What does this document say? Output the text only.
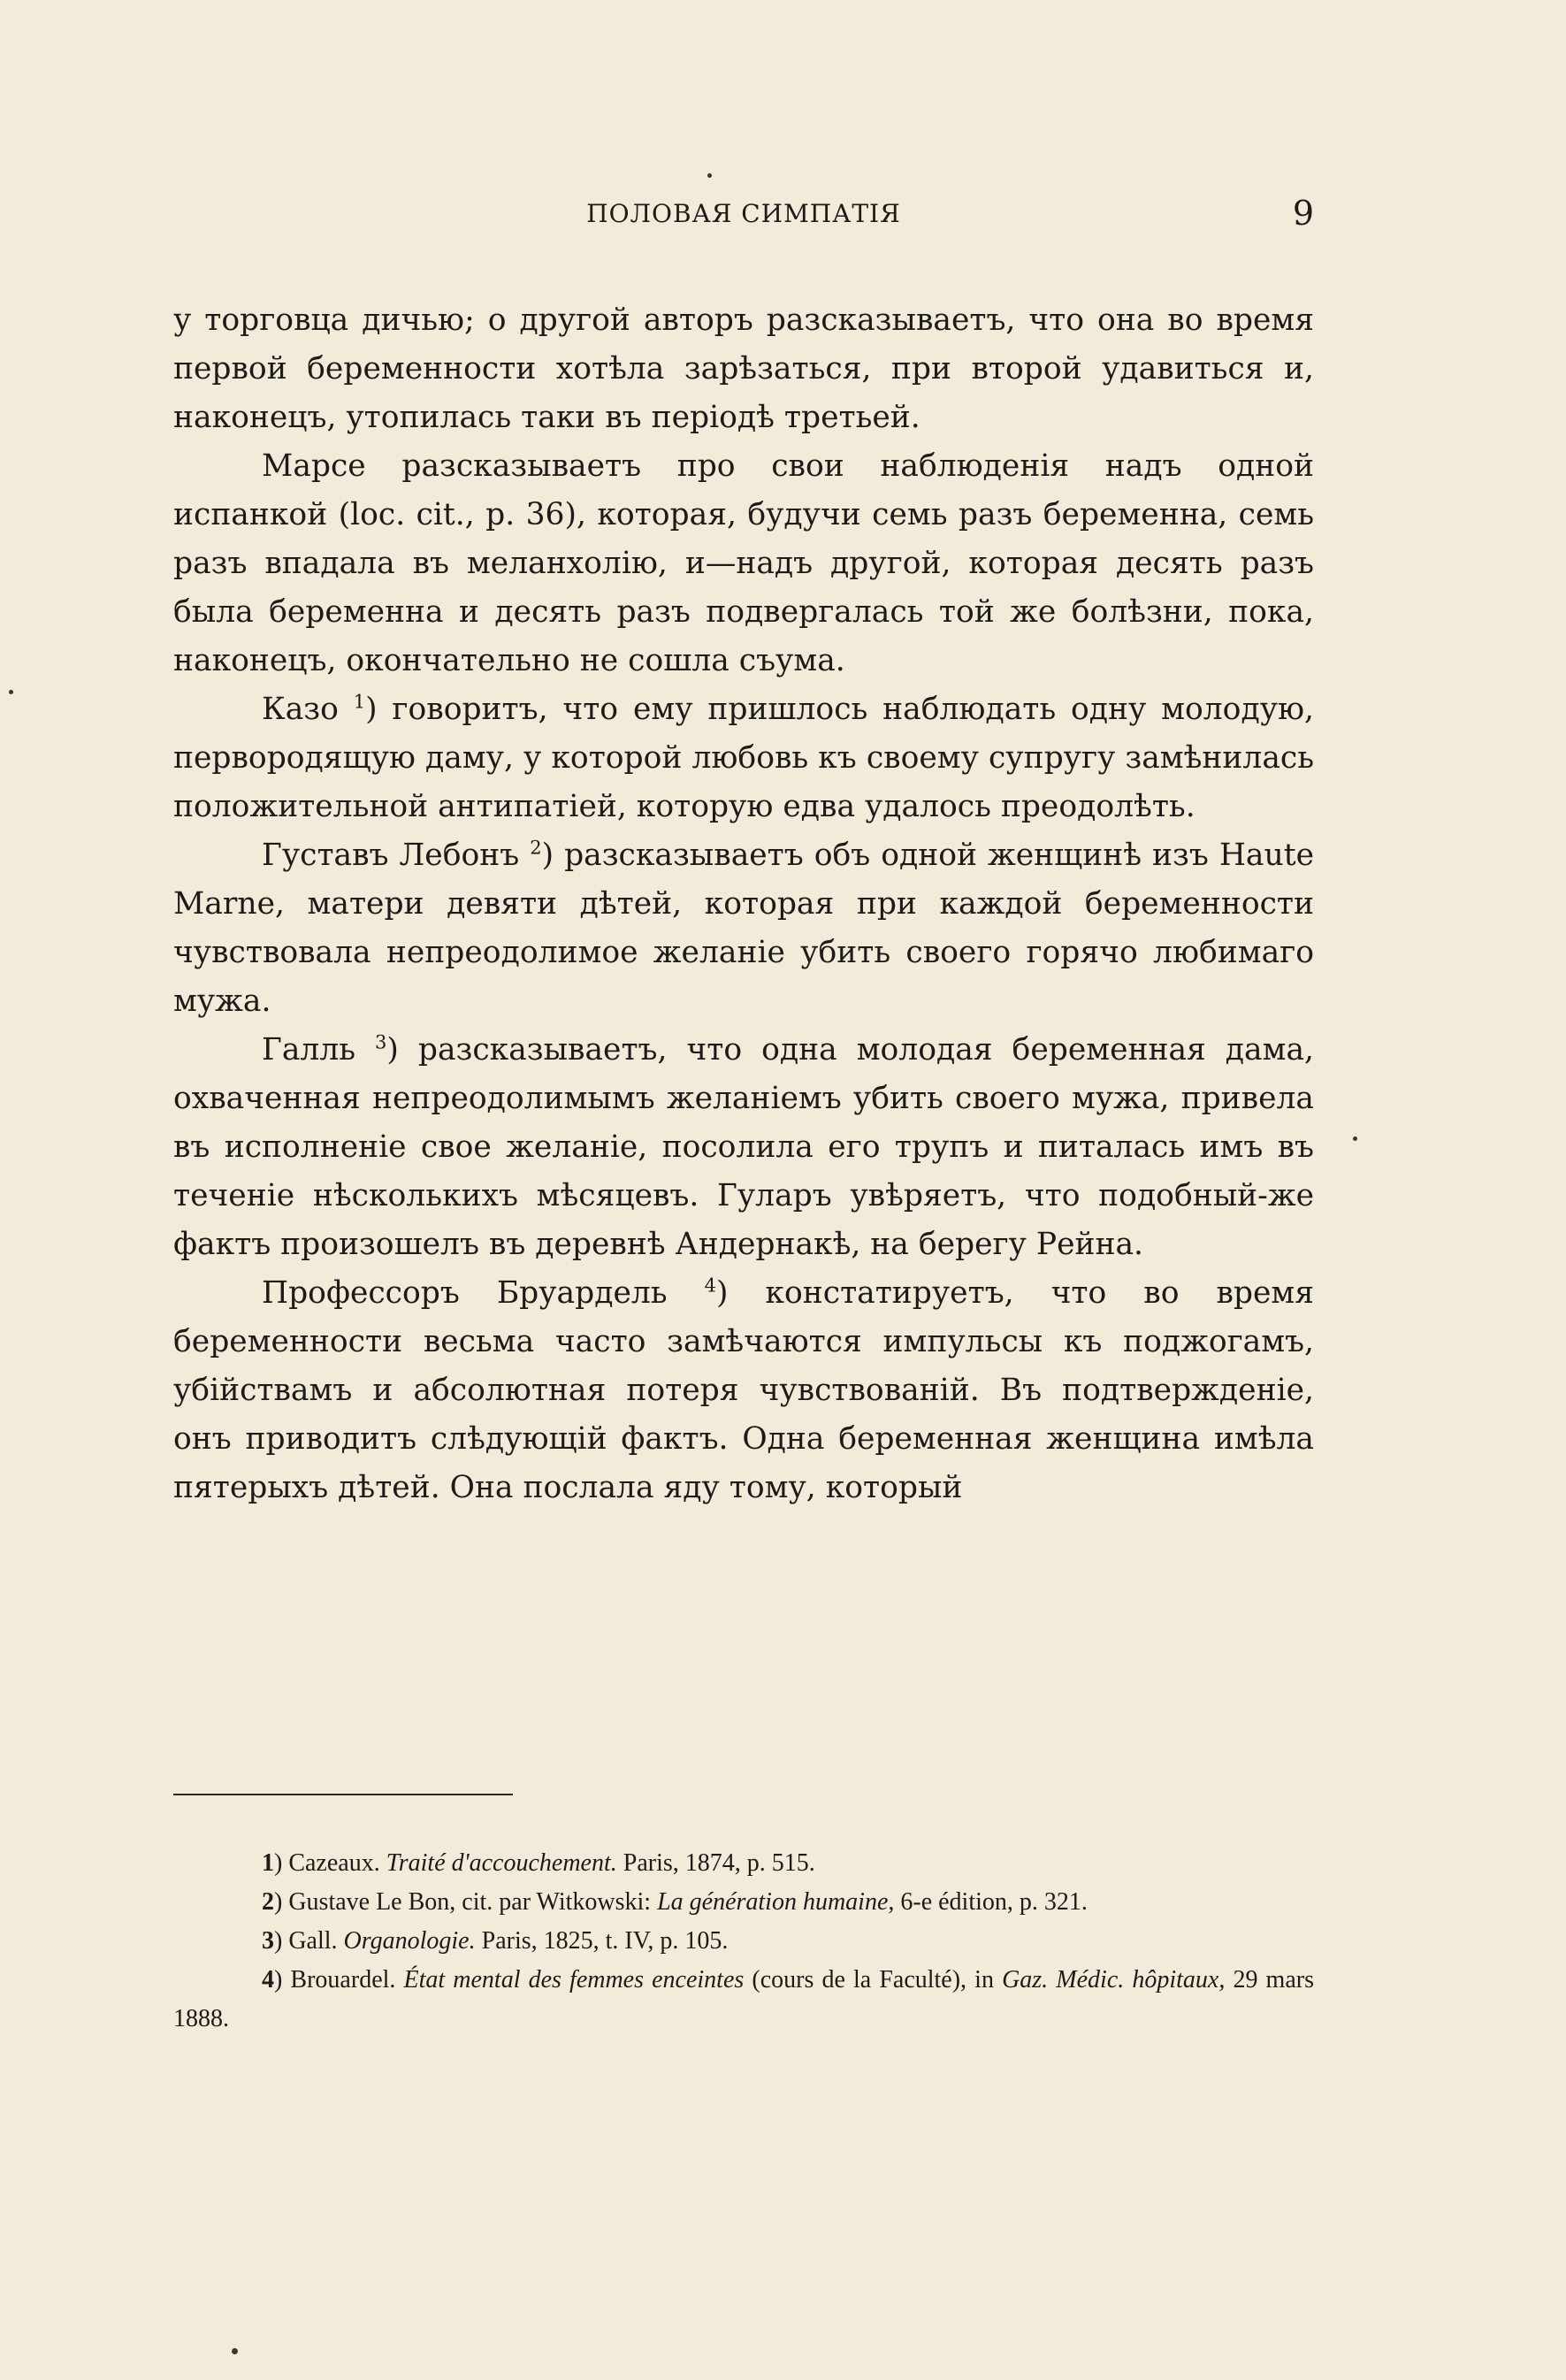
ПОЛОВАЯ СИМПАТІЯ	9

у торговца дичью; о другой авторъ разсказываетъ, что она во время первой беременности хотѣла зарѣзаться, при второй удавиться и, наконецъ, утопилась таки въ періодѣ третьей.

Марсе разсказываетъ про свои наблюденія надъ одной испанкой (loc. cit., p. 36), которая, будучи семь разъ беременна, семь разъ впадала въ меланхолію, и—надъ другой, которая десять разъ была беременна и десять разъ подвергалась той же болѣзни, пока, наконецъ, окончательно не сошла съума.

Казо $^1$) говоритъ, что ему пришлось наблюдать одну молодую, первородящую даму, у которой любовь къ своему супругу замѣнилась положительной антипатіей, которую едва удалось преодолѣть.

Густавъ Лебонъ $^2$) разсказываетъ объ одной женщинѣ изъ Haute Marne, матери девяти дѣтей, которая при каждой беременности чувствовала непреодолимое желаніе убить своего горячо любимаго мужа.

Галль $^3$) разсказываетъ, что одна молодая беременная дама, охваченная непреодолимымъ желаніемъ убить своего мужа, привела въ исполненіе свое желаніе, посолила его трупъ и питалась имъ въ теченіе нѣсколькихъ мѣсяцевъ. Гуларъ увѣряетъ, что подобный-же фактъ произошелъ въ деревнѣ Андернакѣ, на берегу Рейна.

Профессоръ Бруардель $^4$) констатируетъ, что во время беременности весьма часто замѣчаются импульсы къ поджогамъ, убійствамъ и абсолютная потеря чувствованій. Въ подтвержденіе, онъ приводитъ слѣдующій фактъ. Одна беременная женщина имѣла пятерыхъ дѣтей. Она послала яду тому, который

1) Cazeaux. Traité d'accouchement. Paris, 1874, p. 515.

2) Gustave Le Bon, cit. par Witkowski: La génération humaine, 6-e édition, p. 321.

3) Gall. Organologie. Paris, 1825, t. IV, p. 105.

4) Brouardel. État mental des femmes enceintes (cours de la Faculté), in Gaz. Médic. hôpitaux, 29 mars 1888.
